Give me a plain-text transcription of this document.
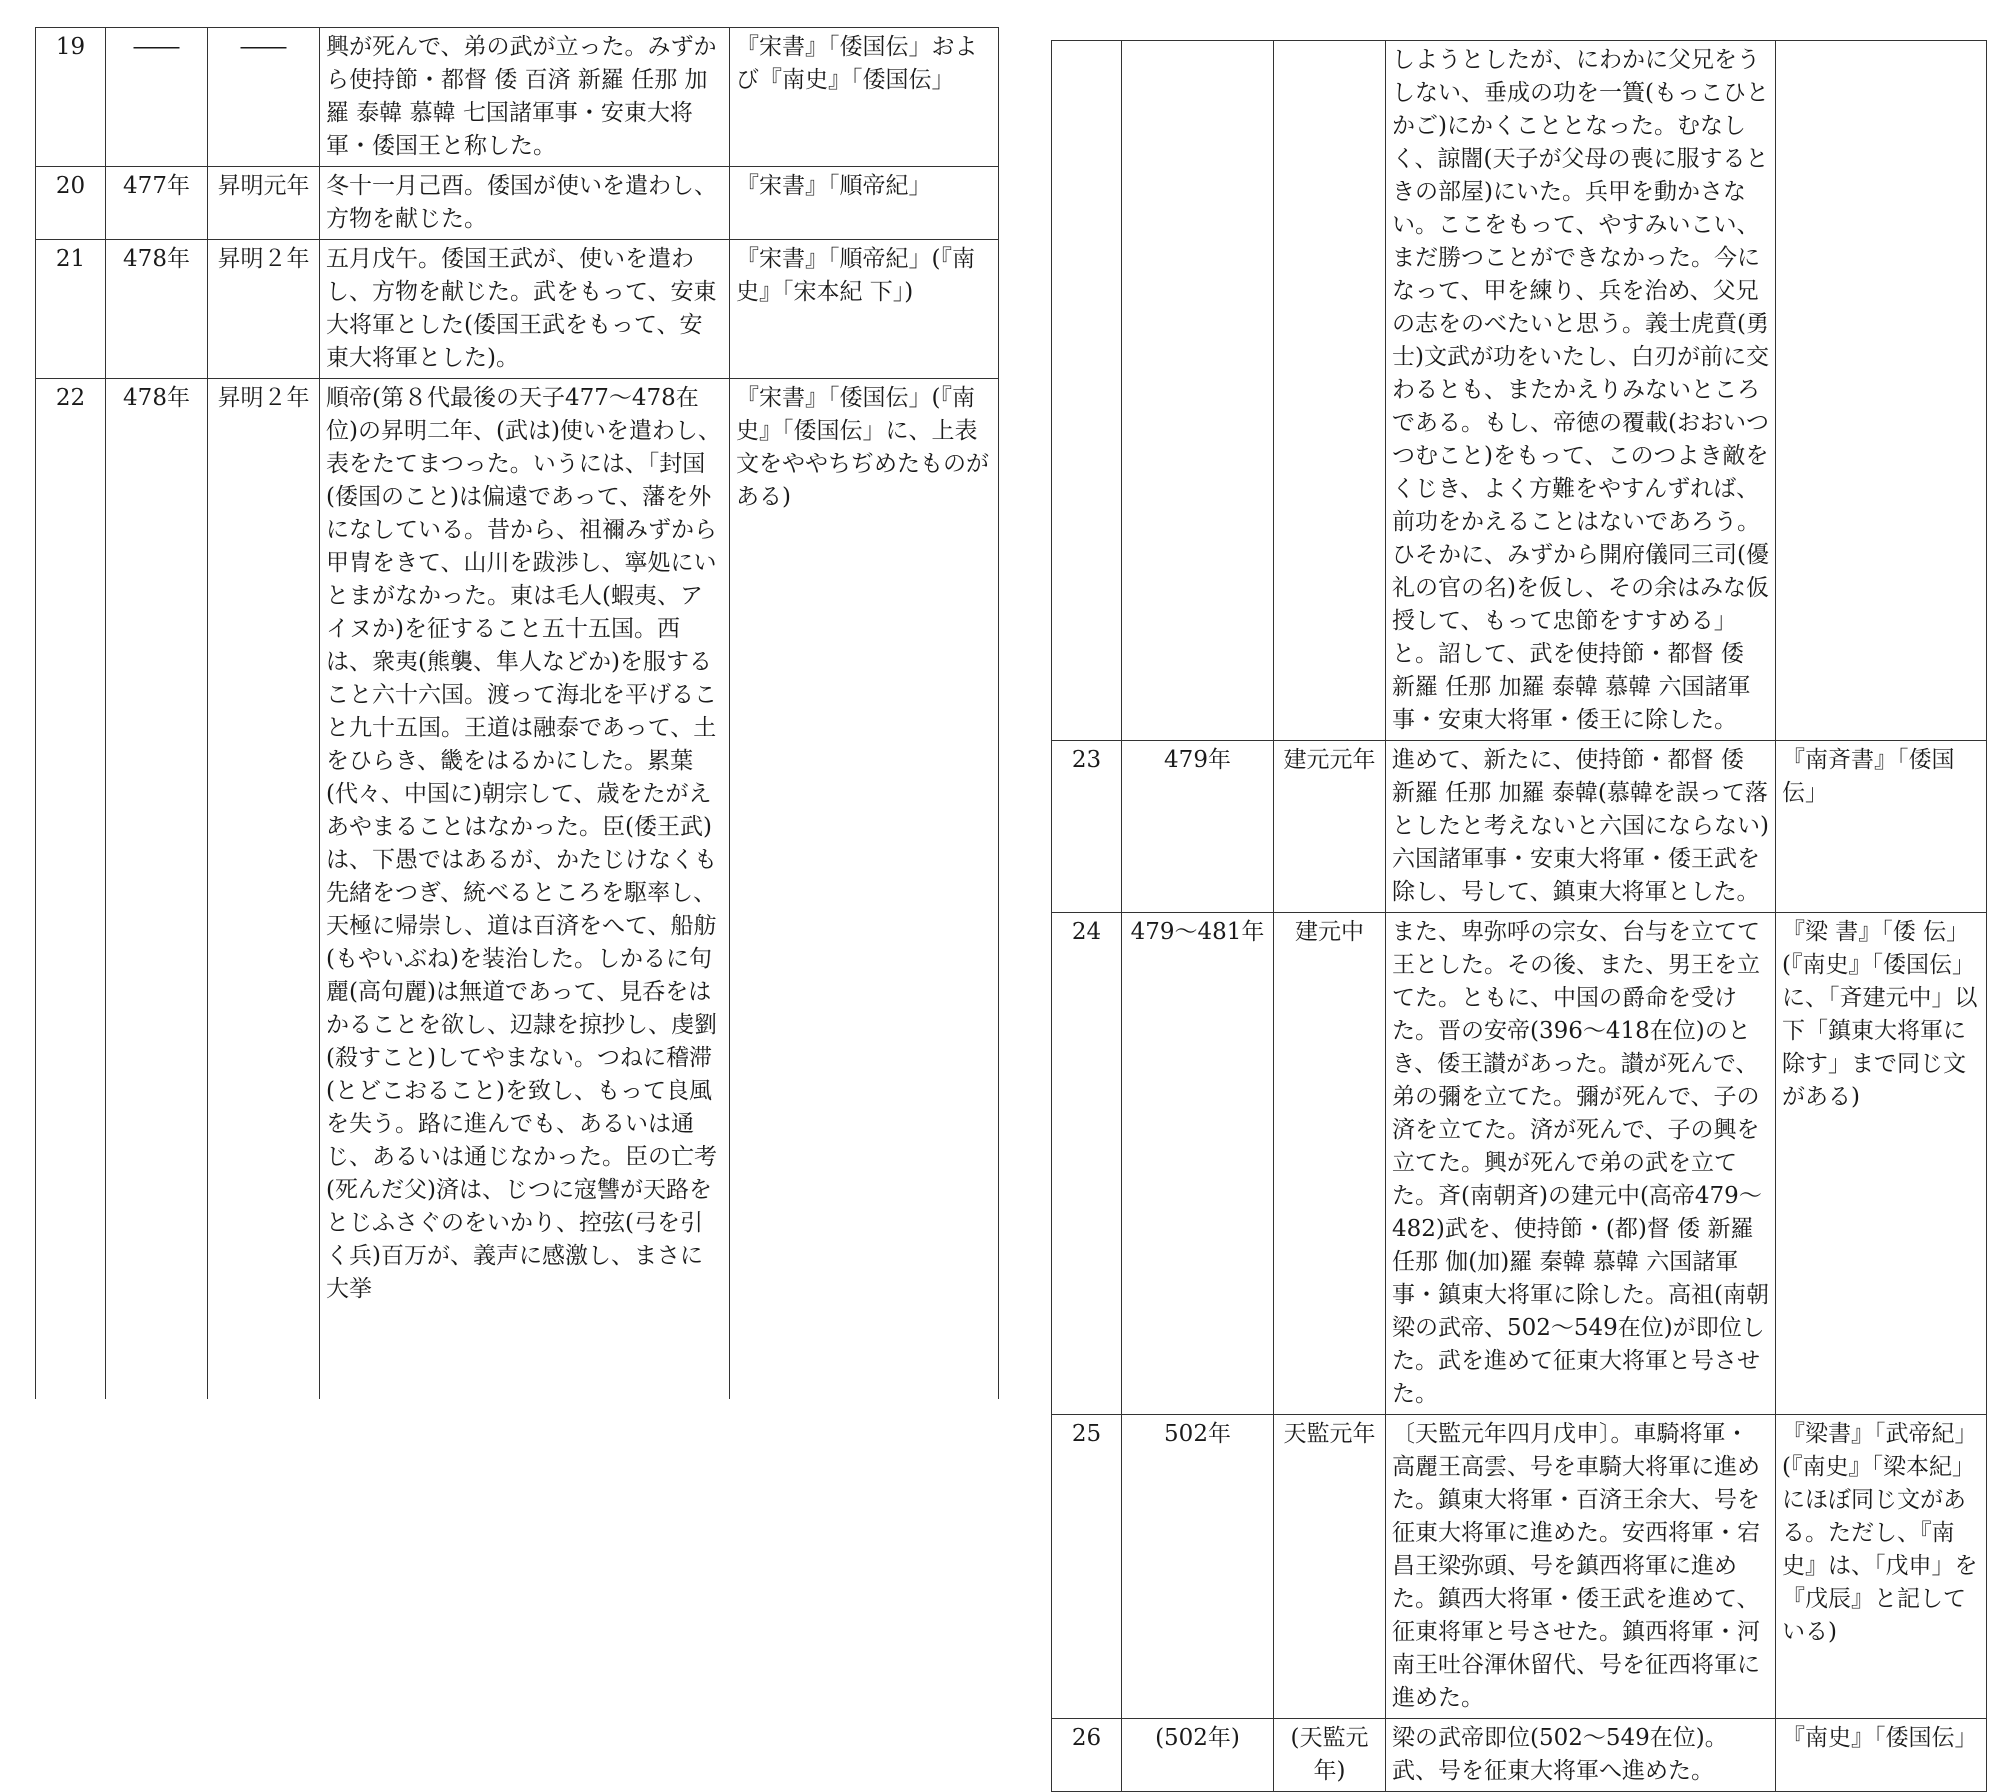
19	――	――	興が死んで、弟の武が立った。みずから使持節・都督 倭 百済 新羅 任那 加羅 泰韓 慕韓 七国諸軍事・安東大将軍・倭国王と称した。	『宋書』「倭国伝」および『南史』「倭国伝」

20	477年	昇明元年	冬十一月己酉。倭国が使いを遣わし、方物を献じた。	『宋書』「順帝紀」

21	478年	昇明２年	五月戊午。倭国王武が、使いを遣わし、方物を献じた。武をもって、安東大将軍とした(倭国王武をもって、安東大将軍とした)。	『宋書』「順帝紀」(『南史』「宋本紀 下」)

22	478年	昇明２年	順帝(第８代最後の天子477～478在位)の昇明二年、(武は)使いを遣わし、表をたてまつった。いうには、「封国(倭国のこと)は偏遠であって、藩を外になしている。昔から、祖禰みずから甲冑をきて、山川を跋渉し、寧処にいとまがなかった。東は毛人(蝦夷、アイヌか)を征すること五十五国。西は、衆夷(熊襲、隼人などか)を服すること六十六国。渡って海北を平げること九十五国。王道は融泰であって、土をひらき、畿をはるかにした。累葉(代々、中国に)朝宗して、歳をたがえあやまることはなかった。臣(倭王武)は、下愚ではあるが、かたじけなくも先緒をつぎ、統べるところを駆率し、天極に帰崇し、道は百済をへて、船舫(もやいぶね)を装治した。しかるに句麗(高句麗)は無道であって、見呑をはかることを欲し、辺隷を掠抄し、虔劉(殺すこと)してやまない。つねに稽滞(とどこおること)を致し、もって良風を失う。路に進んでも、あるいは通じ、あるいは通じなかった。臣の亡考(死んだ父)済は、じつに寇讐が天路をとじふさぐのをいかり、控弦(弓を引く兵)百万が、義声に感激し、まさに大挙	『宋書』「倭国伝」(『南史』「倭国伝」に、上表文をややちぢめたものがある)

			しようとしたが、にわかに父兄をうしない、垂成の功を一簣(もっこひとかご)にかくこととなった。むなしく、諒闇(天子が父母の喪に服するときの部屋)にいた。兵甲を動かさない。ここをもって、やすみいこい、まだ勝つことができなかった。今になって、甲を練り、兵を治め、父兄の志をのべたいと思う。義士虎賁(勇士)文武が功をいたし、白刃が前に交わるとも、またかえりみないところである。もし、帝徳の覆載(おおいつつむこと)をもって、このつよき敵をくじき、よく方難をやすんずれば、前功をかえることはないであろう。ひそかに、みずから開府儀同三司(優礼の官の名)を仮し、その余はみな仮授して、もって忠節をすすめる」と。詔して、武を使持節・都督 倭 新羅 任那 加羅 泰韓 慕韓 六国諸軍事・安東大将軍・倭王に除した。	

23	479年	建元元年	進めて、新たに、使持節・都督 倭 新羅 任那 加羅 泰韓(慕韓を誤って落としたと考えないと六国にならない)六国諸軍事・安東大将軍・倭王武を除し、号して、鎮東大将軍とした。	『南斉書』「倭国伝」

24	479～481年	建元中	また、卑弥呼の宗女、台与を立てて王とした。その後、また、男王を立てた。ともに、中国の爵命を受けた。晋の安帝(396～418在位)のとき、倭王讃があった。讃が死んで、弟の彌を立てた。彌が死んで、子の済を立てた。済が死んで、子の興を立てた。興が死んで弟の武を立てた。斉(南朝斉)の建元中(高帝479～482)武を、使持節・(都)督 倭 新羅 任那 伽(加)羅 秦韓 慕韓 六国諸軍事・鎮東大将軍に除した。高祖(南朝梁の武帝、502～549在位)が即位した。武を進めて征東大将軍と号させた。	『梁 書』「倭 伝」(『南史』「倭国伝」に、「斉建元中」以下「鎮東大将軍に除す」まで同じ文がある)

25	502年	天監元年	〔天監元年四月戊申〕。車騎将軍・高麗王高雲、号を車騎大将軍に進めた。鎮東大将軍・百済王余大、号を征東大将軍に進めた。安西将軍・宕昌王梁弥頭、号を鎮西将軍に進めた。鎮西大将軍・倭王武を進めて、征東将軍と号させた。鎮西将軍・河南王吐谷渾休留代、号を征西将軍に進めた。	『梁書』「武帝紀」(『南史』「梁本紀」にほぼ同じ文がある。ただし、『南史』は、「戊申」を『戊辰』と記している)

26	(502年)	(天監元年)	梁の武帝即位(502～549在位)。武、号を征東大将軍へ進めた。	『南史』「倭国伝」
